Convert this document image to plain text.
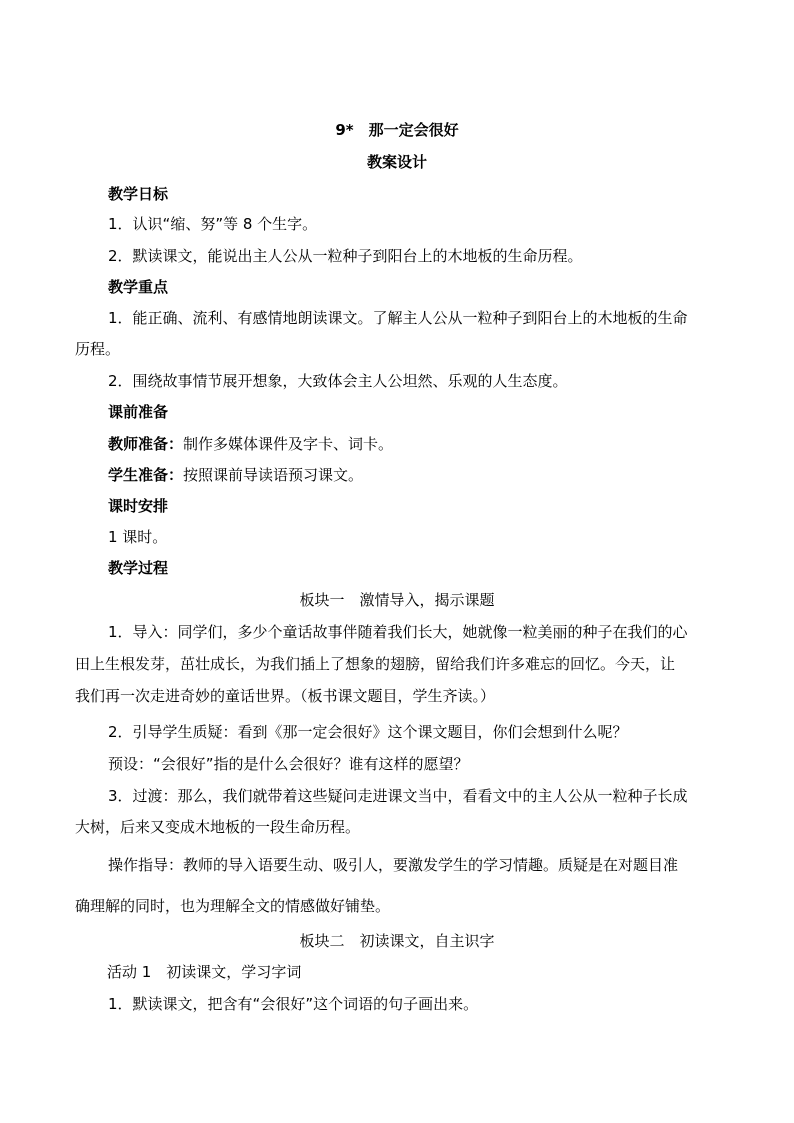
9*　那一定会很好
教案设计
教学日标
1．认识“缩、努”等 8 个生字。
2．默读课文，能说出主人公从一粒种子到阳台上的木地板的生命历程。
教学重点
1．能正确、流利、有感情地朗读课文。了解主人公从一粒种子到阳台上的木地板的生命
历程。
2．围绕故事情节展开想象，大致体会主人公坦然、乐观的人生态度。
课前准备
教师准备：制作多媒体课件及字卡、词卡。
学生准备：按照课前导读语预习课文。
课时安排
1 课时。
教学过程
板块一　激情导入，揭示课题
1．导入：同学们，多少个童话故事伴随着我们长大，她就像一粒美丽的种子在我们的心
田上生根发芽，茁壮成长，为我们插上了想象的翅膀，留给我们许多难忘的回忆。今天，让
我们再一次走进奇妙的童话世界。（板书课文题目，学生齐读。）
2．引导学生质疑：看到《那一定会很好》这个课文题目，你们会想到什么呢？
预设：“会很好”指的是什么会很好？谁有这样的愿望？
3．过渡：那么，我们就带着这些疑问走进课文当中，看看文中的主人公从一粒种子长成
大树，后来又变成木地板的一段生命历程。
操作指导：教师的导入语要生动、吸引人，要激发学生的学习情趣。质疑是在对题目准
确理解的同时，也为理解全文的情感做好铺垫。
板块二　初读课文，自主识字
活动 1　初读课文，学习字词
1．默读课文，把含有“会很好”这个词语的句子画出来。
